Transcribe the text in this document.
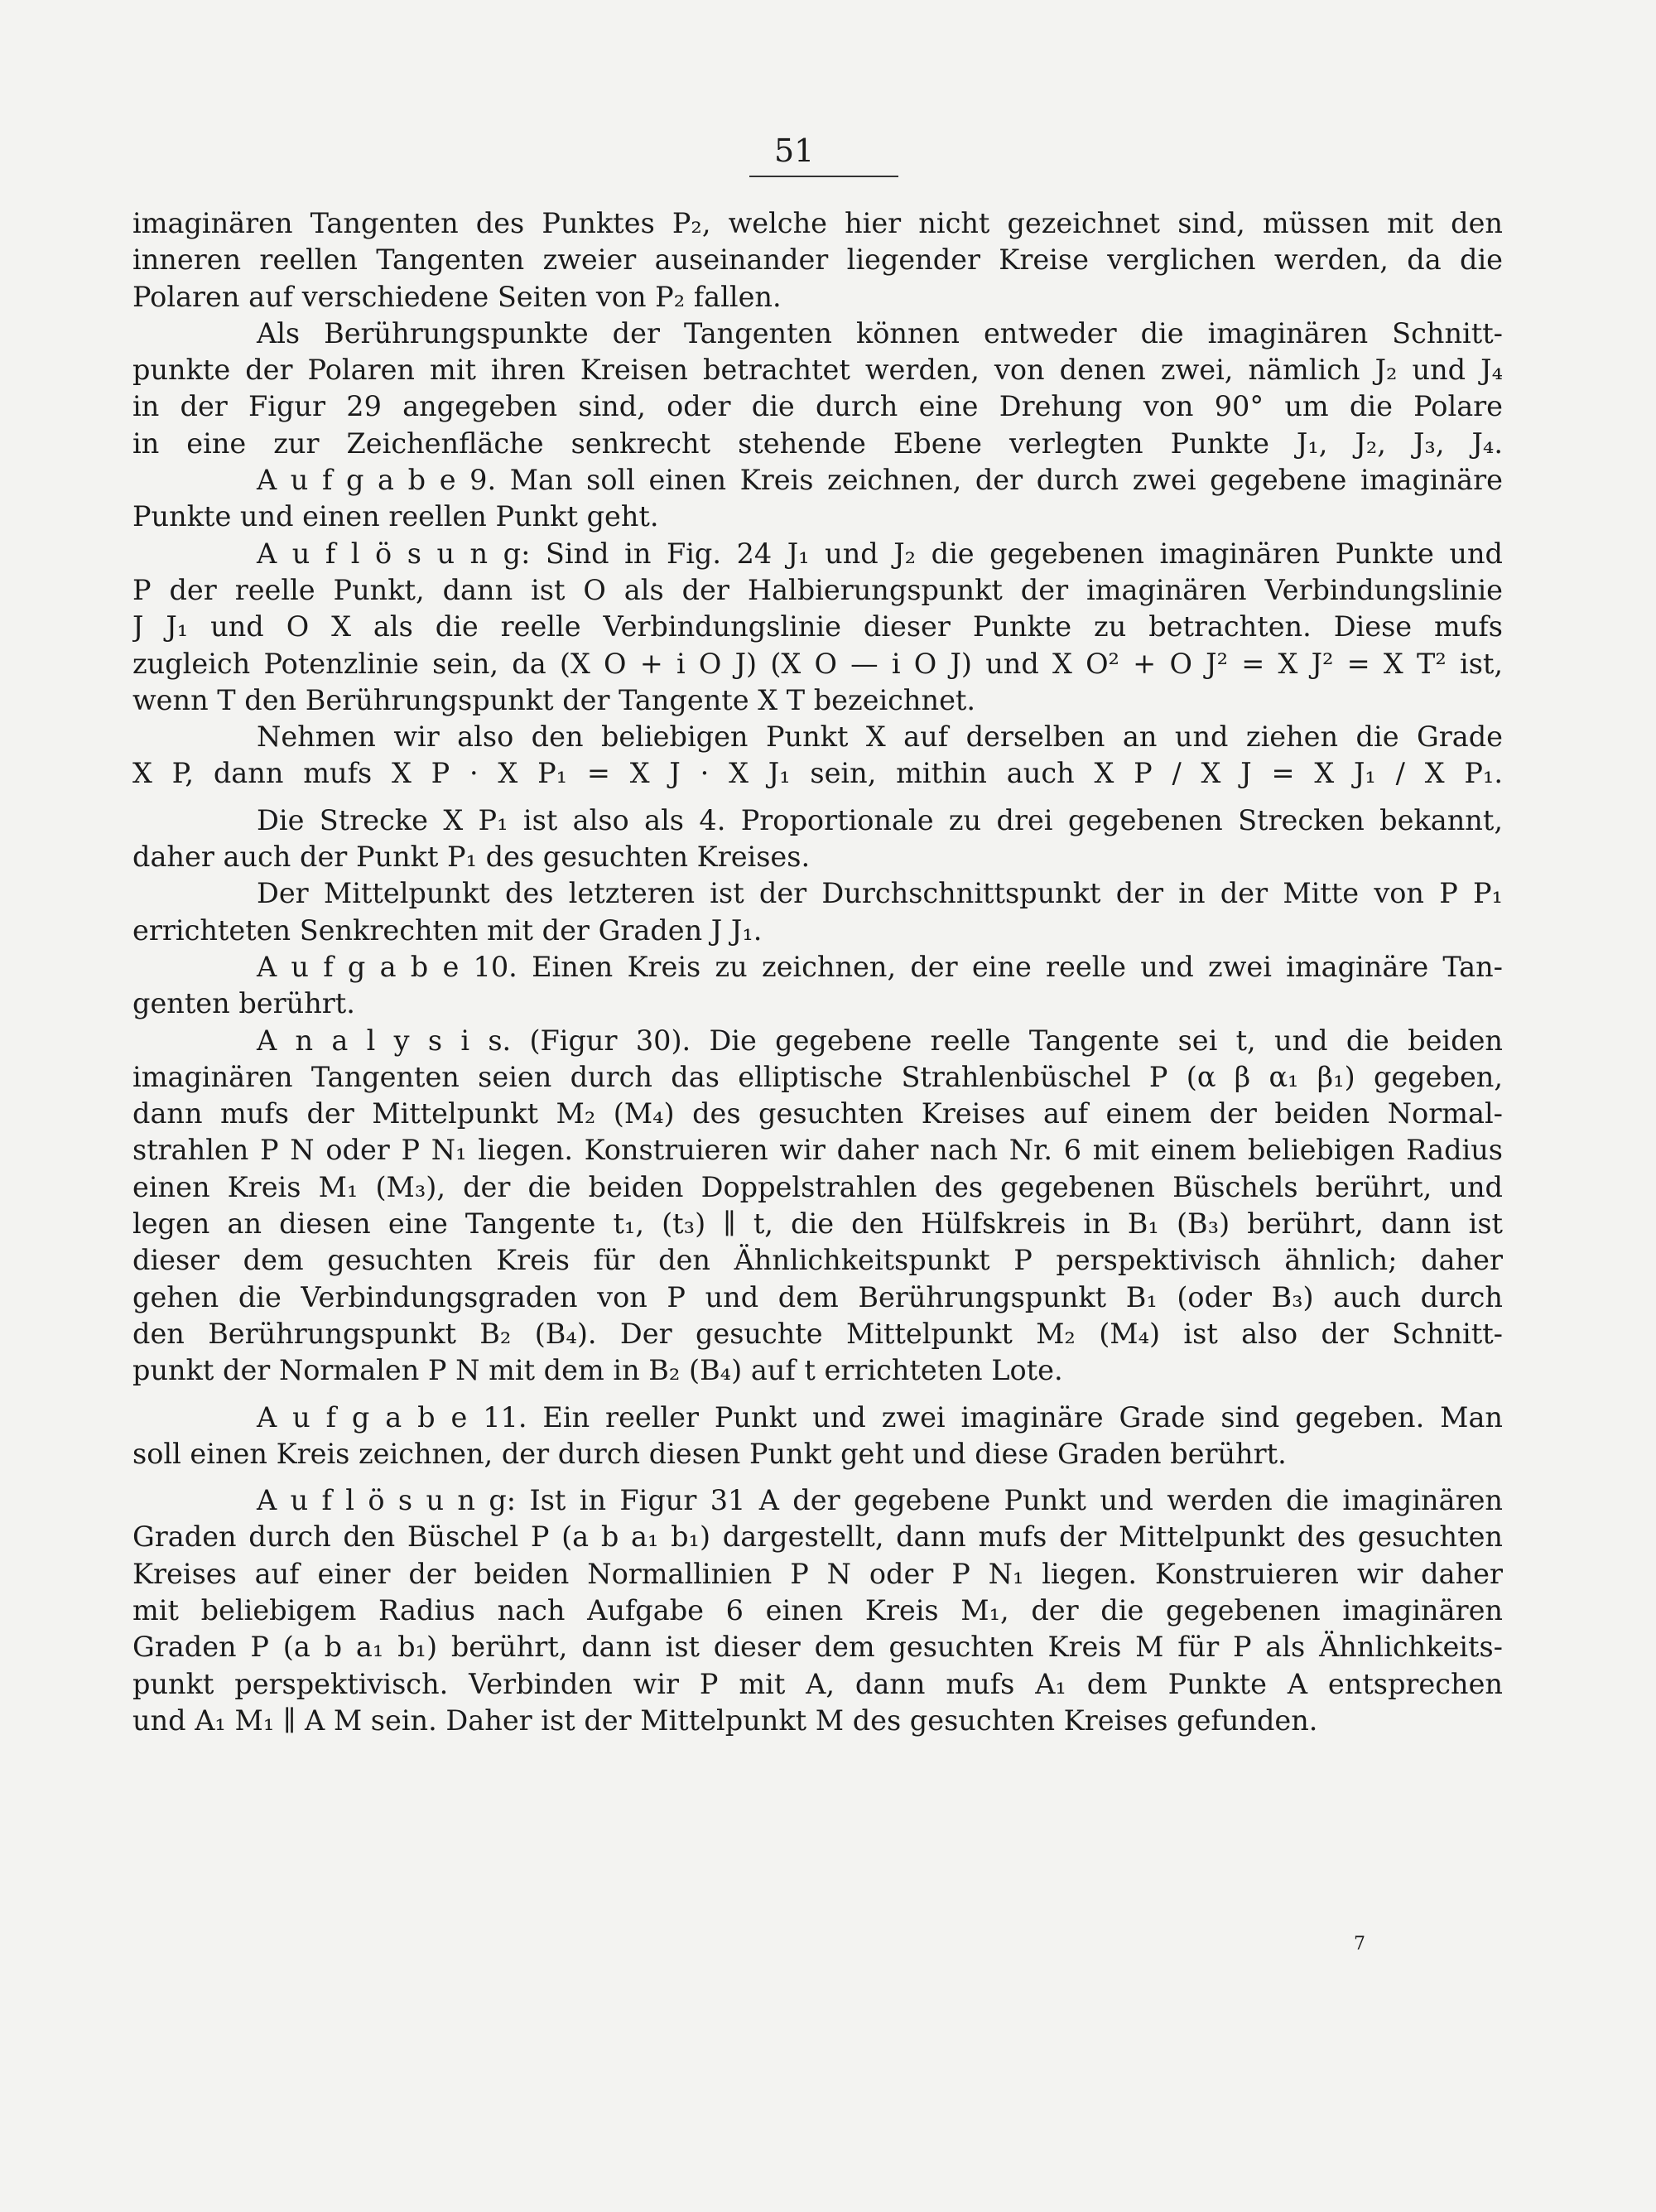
51
imaginären Tangenten des Punktes P₂, welche hier nicht gezeichnet sind, müssen mit den
inneren reellen Tangenten zweier auseinander liegender Kreise verglichen werden, da die
Polaren auf verschiedene Seiten von P₂ fallen.
Als Berührungspunkte der Tangenten können entweder die imaginären Schnitt-
punkte der Polaren mit ihren Kreisen betrachtet werden, von denen zwei, nämlich J₂ und J₄
in der Figur 29 angegeben sind, oder die durch eine Drehung von 90° um die Polare
in eine zur Zeichenfläche senkrecht stehende Ebene verlegten Punkte J₁, J₂, J₃, J₄.
A u f g a b e 9. Man soll einen Kreis zeichnen, der durch zwei gegebene imaginäre
Punkte und einen reellen Punkt geht.
A u f l ö s u n g: Sind in Fig. 24 J₁ und J₂ die gegebenen imaginären Punkte und
P der reelle Punkt, dann ist O als der Halbierungspunkt der imaginären Verbindungslinie
J J₁ und O X als die reelle Verbindungslinie dieser Punkte zu betrachten. Diese mufs
zugleich Potenzlinie sein, da (X O + i O J) (X O — i O J) und X O² + O J² = X J² = X T² ist,
wenn T den Berührungspunkt der Tangente X T bezeichnet.
Nehmen wir also den beliebigen Punkt X auf derselben an und ziehen die Grade
X P, dann mufs X P · X P₁ = X J · X J₁ sein, mithin auch X P / X J = X J₁ / X P₁.
Die Strecke X P₁ ist also als 4. Proportionale zu drei gegebenen Strecken bekannt,
daher auch der Punkt P₁ des gesuchten Kreises.
Der Mittelpunkt des letzteren ist der Durchschnittspunkt der in der Mitte von P P₁
errichteten Senkrechten mit der Graden J J₁.
A u f g a b e 10. Einen Kreis zu zeichnen, der eine reelle und zwei imaginäre Tan-
genten berührt.
A n a l y s i s. (Figur 30). Die gegebene reelle Tangente sei t, und die beiden
imaginären Tangenten seien durch das elliptische Strahlenbüschel P (α β α₁ β₁) gegeben,
dann mufs der Mittelpunkt M₂ (M₄) des gesuchten Kreises auf einem der beiden Normal-
strahlen P N oder P N₁ liegen. Konstruieren wir daher nach Nr. 6 mit einem beliebigen Radius
einen Kreis M₁ (M₃), der die beiden Doppelstrahlen des gegebenen Büschels berührt, und
legen an diesen eine Tangente t₁, (t₃) ∥ t, die den Hülfskreis in B₁ (B₃) berührt, dann ist
dieser dem gesuchten Kreis für den Ähnlichkeitspunkt P perspektivisch ähnlich; daher
gehen die Verbindungsgraden von P und dem Berührungspunkt B₁ (oder B₃) auch durch
den Berührungspunkt B₂ (B₄). Der gesuchte Mittelpunkt M₂ (M₄) ist also der Schnitt-
punkt der Normalen P N mit dem in B₂ (B₄) auf t errichteten Lote.
A u f g a b e 11. Ein reeller Punkt und zwei imaginäre Grade sind gegeben. Man
soll einen Kreis zeichnen, der durch diesen Punkt geht und diese Graden berührt.
A u f l ö s u n g: Ist in Figur 31 A der gegebene Punkt und werden die imaginären
Graden durch den Büschel P (a b a₁ b₁) dargestellt, dann mufs der Mittelpunkt des gesuchten
Kreises auf einer der beiden Normallinien P N oder P N₁ liegen. Konstruieren wir daher
mit beliebigem Radius nach Aufgabe 6 einen Kreis M₁, der die gegebenen imaginären
Graden P (a b a₁ b₁) berührt, dann ist dieser dem gesuchten Kreis M für P als Ähnlichkeits-
punkt perspektivisch. Verbinden wir P mit A, dann mufs A₁ dem Punkte A entsprechen
und A₁ M₁ ∥ A M sein. Daher ist der Mittelpunkt M des gesuchten Kreises gefunden.
7
